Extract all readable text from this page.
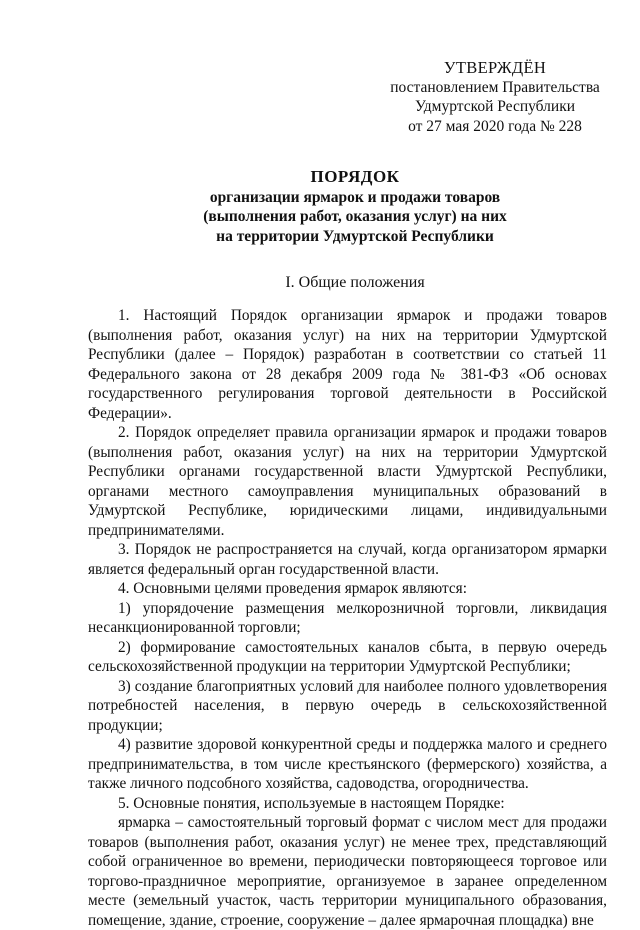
УТВЕРЖДЁН
постановлением Правительства
Удмуртской Республики
от 27 мая 2020 года № 228
ПОРЯДОК
организации ярмарок и продажи товаров
(выполнения работ, оказания услуг) на них
на территории Удмуртской Республики
I. Общие положения

1. Настоящий Порядок организации ярмарок и продажи товаров (выполнения работ, оказания услуг) на них на территории Удмуртской Республики (далее – Порядок) разработан в соответствии со статьей 11 Федерального закона от 28 декабря 2009 года № 381-ФЗ «Об основах государственного регулирования торговой деятельности в Российской Федерации».

2. Порядок определяет правила организации ярмарок и продажи товаров (выполнения работ, оказания услуг) на них на территории Удмуртской Республики органами государственной власти Удмуртской Республики, органами местного самоуправления муниципальных образований в Удмуртской Республике, юридическими лицами, индивидуальными предпринимателями.

3. Порядок не распространяется на случай, когда организатором ярмарки является федеральный орган государственной власти.

4. Основными целями проведения ярмарок являются:

1) упорядочение размещения мелкорозничной торговли, ликвидация несанкционированной торговли;

2) формирование самостоятельных каналов сбыта, в первую очередь сельскохозяйственной продукции на территории Удмуртской Республики;

3) создание благоприятных условий для наиболее полного удовлетворения потребностей населения, в первую очередь в сельскохозяйственной продукции;

4) развитие здоровой конкурентной среды и поддержка малого и среднего предпринимательства, в том числе крестьянского (фермерского) хозяйства, а также личного подсобного хозяйства, садоводства, огородничества.

5. Основные понятия, используемые в настоящем Порядке:

ярмарка – самостоятельный торговый формат с числом мест для продажи товаров (выполнения работ, оказания услуг) не менее трех, представляющий собой ограниченное во времени, периодически повторяющееся торговое или торгово-праздничное мероприятие, организуемое в заранее определенном месте (земельный участок, часть территории муниципального образования, помещение, здание, строение, сооружение – далее ярмарочная площадка) вне
